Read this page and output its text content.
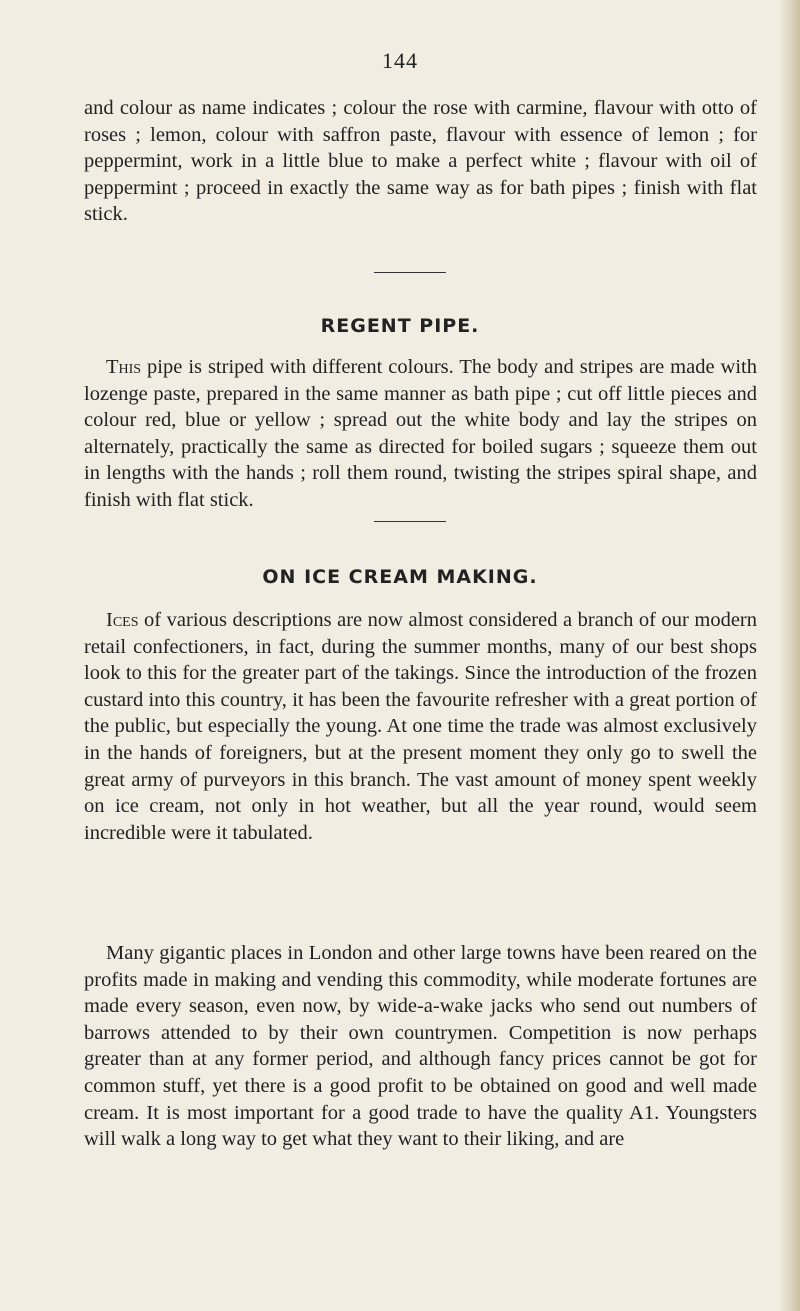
144

and colour as name indicates ; colour the rose with carmine, flavour with otto of roses ; lemon, colour with saffron paste, flavour with essence of lemon ; for peppermint, work in a little blue to make a perfect white ; flavour with oil of peppermint ; proceed in exactly the same way as for bath pipes ; finish with flat stick.

REGENT PIPE.

This pipe is striped with different colours. The body and stripes are made with lozenge paste, prepared in the same manner as bath pipe ; cut off little pieces and colour red, blue or yellow ; spread out the white body and lay the stripes on alternately, practically the same as directed for boiled sugars ; squeeze them out in lengths with the hands ; roll them round, twisting the stripes spiral shape, and finish with flat stick.

ON ICE CREAM MAKING.

Ices of various descriptions are now almost considered a branch of our modern retail confectioners, in fact, during the summer months, many of our best shops look to this for the greater part of the takings. Since the introduction of the frozen custard into this country, it has been the favourite refresher with a great portion of the public, but especially the young. At one time the trade was almost exclusively in the hands of foreigners, but at the present moment they only go to swell the great army of purveyors in this branch. The vast amount of money spent weekly on ice cream, not only in hot weather, but all the year round, would seem incredible were it tabulated.

Many gigantic places in London and other large towns have been reared on the profits made in making and vending this commodity, while moderate fortunes are made every season, even now, by wide-a-wake jacks who send out numbers of barrows attended to by their own countrymen. Competition is now perhaps greater than at any former period, and although fancy prices cannot be got for common stuff, yet there is a good profit to be obtained on good and well made cream. It is most important for a good trade to have the quality A1. Youngsters will walk a long way to get what they want to their liking, and are
